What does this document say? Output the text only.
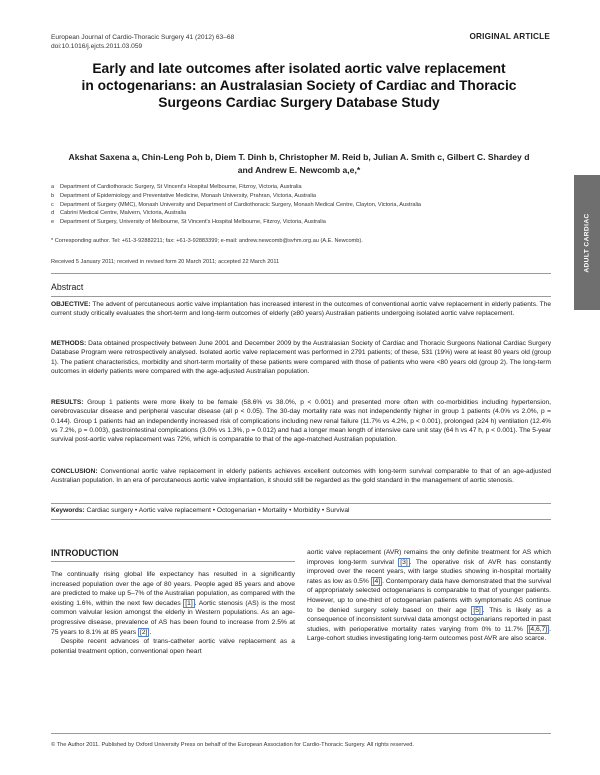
European Journal of Cardio-Thoracic Surgery 41 (2012) 63–68
doi:10.1016/j.ejcts.2011.03.059
ORIGINAL ARTICLE
Early and late outcomes after isolated aortic valve replacement
in octogenarians: an Australasian Society of Cardiac and Thoracic
Surgeons Cardiac Surgery Database Study
Akshat Saxena a, Chin-Leng Poh b, Diem T. Dinh b, Christopher M. Reid b, Julian A. Smith c, Gilbert C. Shardey d
and Andrew E. Newcomb a,e,*
a	Department of Cardiothoracic Surgery, St Vincent's Hospital Melbourne, Fitzroy, Victoria, Australia
b	Department of Epidemiology and Preventative Medicine, Monash University, Prahran, Victoria, Australia
c	Department of Surgery (MMC), Monash University and Department of Cardiothoracic Surgery, Monash Medical Centre, Clayton, Victoria, Australia
d	Cabrini Medical Centre, Malvern, Victoria, Australia
e	Department of Surgery, University of Melbourne, St Vincent's Hospital Melbourne, Fitzroy, Victoria, Australia
* Corresponding author. Tel: +61-3-92882211; fax: +61-3-92883399; e-mail: andrew.newcomb@svhm.org.au (A.E. Newcomb).
Received 5 January 2011; received in revised form 20 March 2011; accepted 22 March 2011	ADULT CARDIAC
Abstract
OBJECTIVE: The advent of percutaneous aortic valve implantation has increased interest in the outcomes of conventional aortic valve replacement in elderly patients. The current study critically evaluates the short-term and long-term outcomes of elderly (≥80 years) Australian patients undergoing isolated aortic valve replacement.
METHODS: Data obtained prospectively between June 2001 and December 2009 by the Australasian Society of Cardiac and Thoracic Surgeons National Cardiac Surgery Database Program were retrospectively analysed. Isolated aortic valve replacement was performed in 2791 patients; of these, 531 (19%) were at least 80 years old (group 1). The patient characteristics, morbidity and short-term mortality of these patients were compared with those of patients who were <80 years old (group 2). The long-term outcomes in elderly patients were compared with the age-adjusted Australian population.
RESULTS: Group 1 patients were more likely to be female (58.6% vs 38.0%, p < 0.001) and presented more often with co-morbidities including hypertension, cerebrovascular disease and peripheral vascular disease (all p < 0.05). The 30-day mortality rate was not independently higher in group 1 patients (4.0% vs 2.0%, p = 0.144). Group 1 patients had an independently increased risk of complications including new renal failure (11.7% vs 4.2%, p < 0.001), prolonged (≥24 h) ventilation (12.4% vs 7.2%, p = 0.003), gastrointestinal complications (3.0% vs 1.3%, p = 0.012) and had a longer mean length of intensive care unit stay (64 h vs 47 h, p < 0.001). The 5-year survival post-aortic valve replacement was 72%, which is comparable to that of the age-matched Australian population.
CONCLUSION: Conventional aortic valve replacement in elderly patients achieves excellent outcomes with long-term survival comparable to that of an age-adjusted Australian population. In an era of percutaneous aortic valve implantation, it should still be regarded as the gold standard in the management of aortic stenosis.
Keywords: Cardiac surgery • Aortic valve replacement • Octogenarian • Mortality • Morbidity • Survival
INTRODUCTION

The continually rising global life expectancy has resulted in a significantly increased population over the age of 80 years. People aged 85 years and above are predicted to make up 5–7% of the Australian population, as compared with the existing 1.6%, within the next few decades [1] . Aortic stenosis (AS) is the most common valvular lesion amongst the elderly in Western populations. As an age-progressive disease, prevalence of AS has been found to increase from 2.5% at 75 years to 8.1% at 85 years [2] .

Despite recent advances of trans-catheter aortic valve replacement as a potential treatment option, conventional open heart

aortic valve replacement (AVR) remains the only definite treatment for AS which improves long-term survival [3] . The operative risk of AVR has constantly improved over the recent years, with large studies showing in-hospital mortality rates as low as 0.5% [4] . Contemporary data have demonstrated that the survival of appropriately selected octogenarians is comparable to that of younger patients. However, up to one-third of octogenarian patients with symptomatic AS continue to be denied surgery solely based on their age [5] . This is likely as a consequence of inconsistent survival data amongst octogenarians reported in past studies, with perioperative mortality rates varying from 0% to 11.7% [4,6,7] . Large-cohort studies investigating long-term outcomes post AVR are also scarce.

© The Author 2011. Published by Oxford University Press on behalf of the European Association for Cardio-Thoracic Surgery. All rights reserved.
